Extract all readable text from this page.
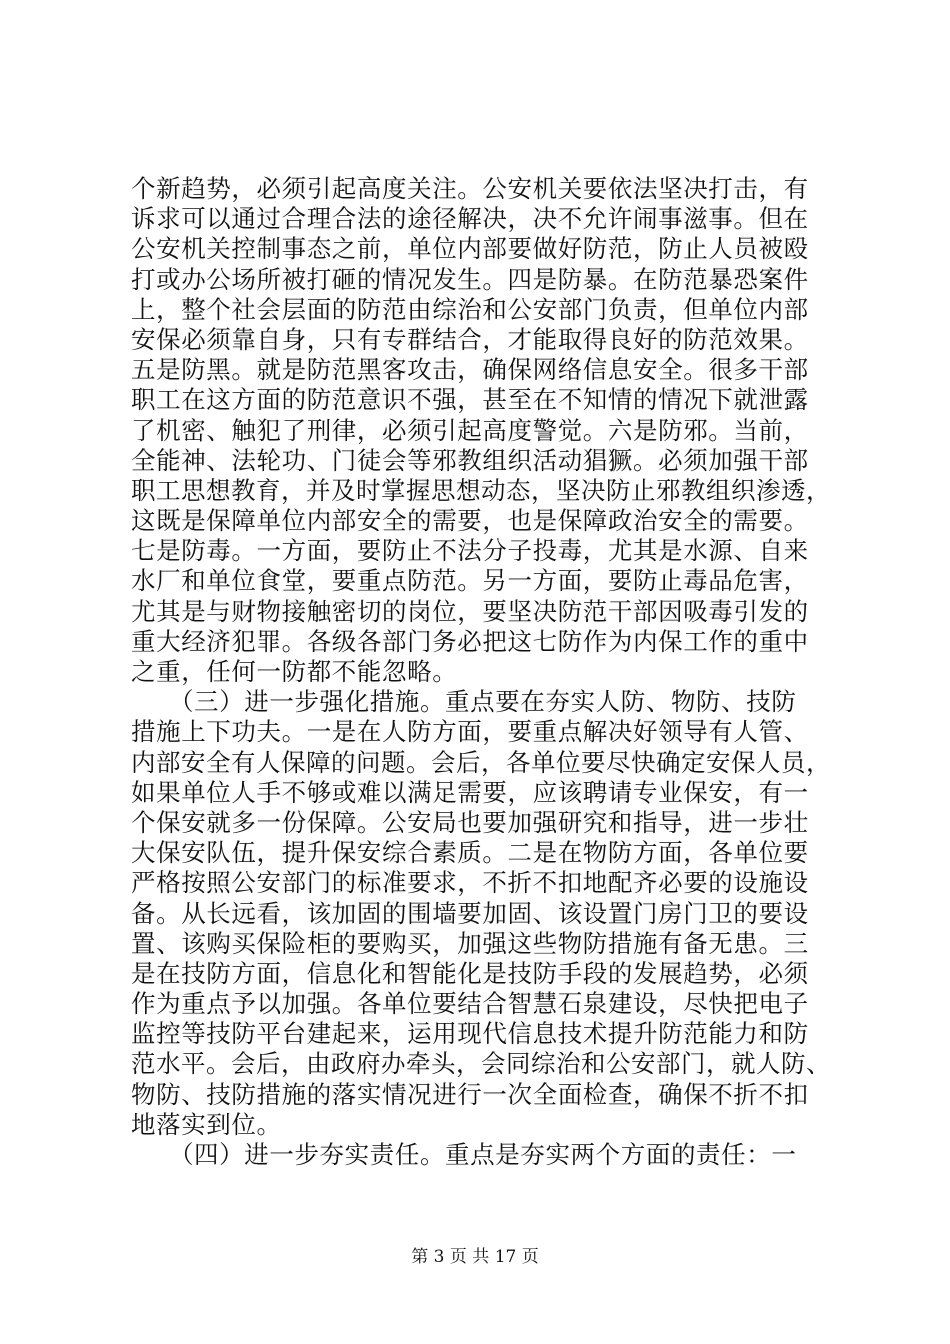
个新趋势，必须引起高度关注。公安机关要依法坚决打击，有
诉求可以通过合理合法的途径解决，决不允许闹事滋事。但在
公安机关控制事态之前，单位内部要做好防范，防止人员被殴
打或办公场所被打砸的情况发生。四是防暴。在防范暴恐案件
上，整个社会层面的防范由综治和公安部门负责，但单位内部
安保必须靠自身，只有专群结合，才能取得良好的防范效果。
五是防黑。就是防范黑客攻击，确保网络信息安全。很多干部
职工在这方面的防范意识不强，甚至在不知情的情况下就泄露
了机密、触犯了刑律，必须引起高度警觉。六是防邪。当前，
全能神、法轮功、门徒会等邪教组织活动猖獗。必须加强干部
职工思想教育，并及时掌握思想动态，坚决防止邪教组织渗透，
这既是保障单位内部安全的需要，也是保障政治安全的需要。
七是防毒。一方面，要防止不法分子投毒，尤其是水源、自来
水厂和单位食堂，要重点防范。另一方面，要防止毒品危害，
尤其是与财物接触密切的岗位，要坚决防范干部因吸毒引发的
重大经济犯罪。各级各部门务必把这七防作为内保工作的重中
之重，任何一防都不能忽略。
　　（三）进一步强化措施。重点要在夯实人防、物防、技防
措施上下功夫。一是在人防方面，要重点解决好领导有人管、
内部安全有人保障的问题。会后，各单位要尽快确定安保人员，
如果单位人手不够或难以满足需要，应该聘请专业保安，有一
个保安就多一份保障。公安局也要加强研究和指导，进一步壮
大保安队伍，提升保安综合素质。二是在物防方面，各单位要
严格按照公安部门的标准要求，不折不扣地配齐必要的设施设
备。从长远看，该加固的围墙要加固、该设置门房门卫的要设
置、该购买保险柜的要购买，加强这些物防措施有备无患。三
是在技防方面，信息化和智能化是技防手段的发展趋势，必须
作为重点予以加强。各单位要结合智慧石泉建设，尽快把电子
监控等技防平台建起来，运用现代信息技术提升防范能力和防
范水平。会后，由政府办牵头，会同综治和公安部门，就人防、
物防、技防措施的落实情况进行一次全面检查，确保不折不扣
地落实到位。
　　（四）进一步夯实责任。重点是夯实两个方面的责任：一
第 3 页 共 17 页
